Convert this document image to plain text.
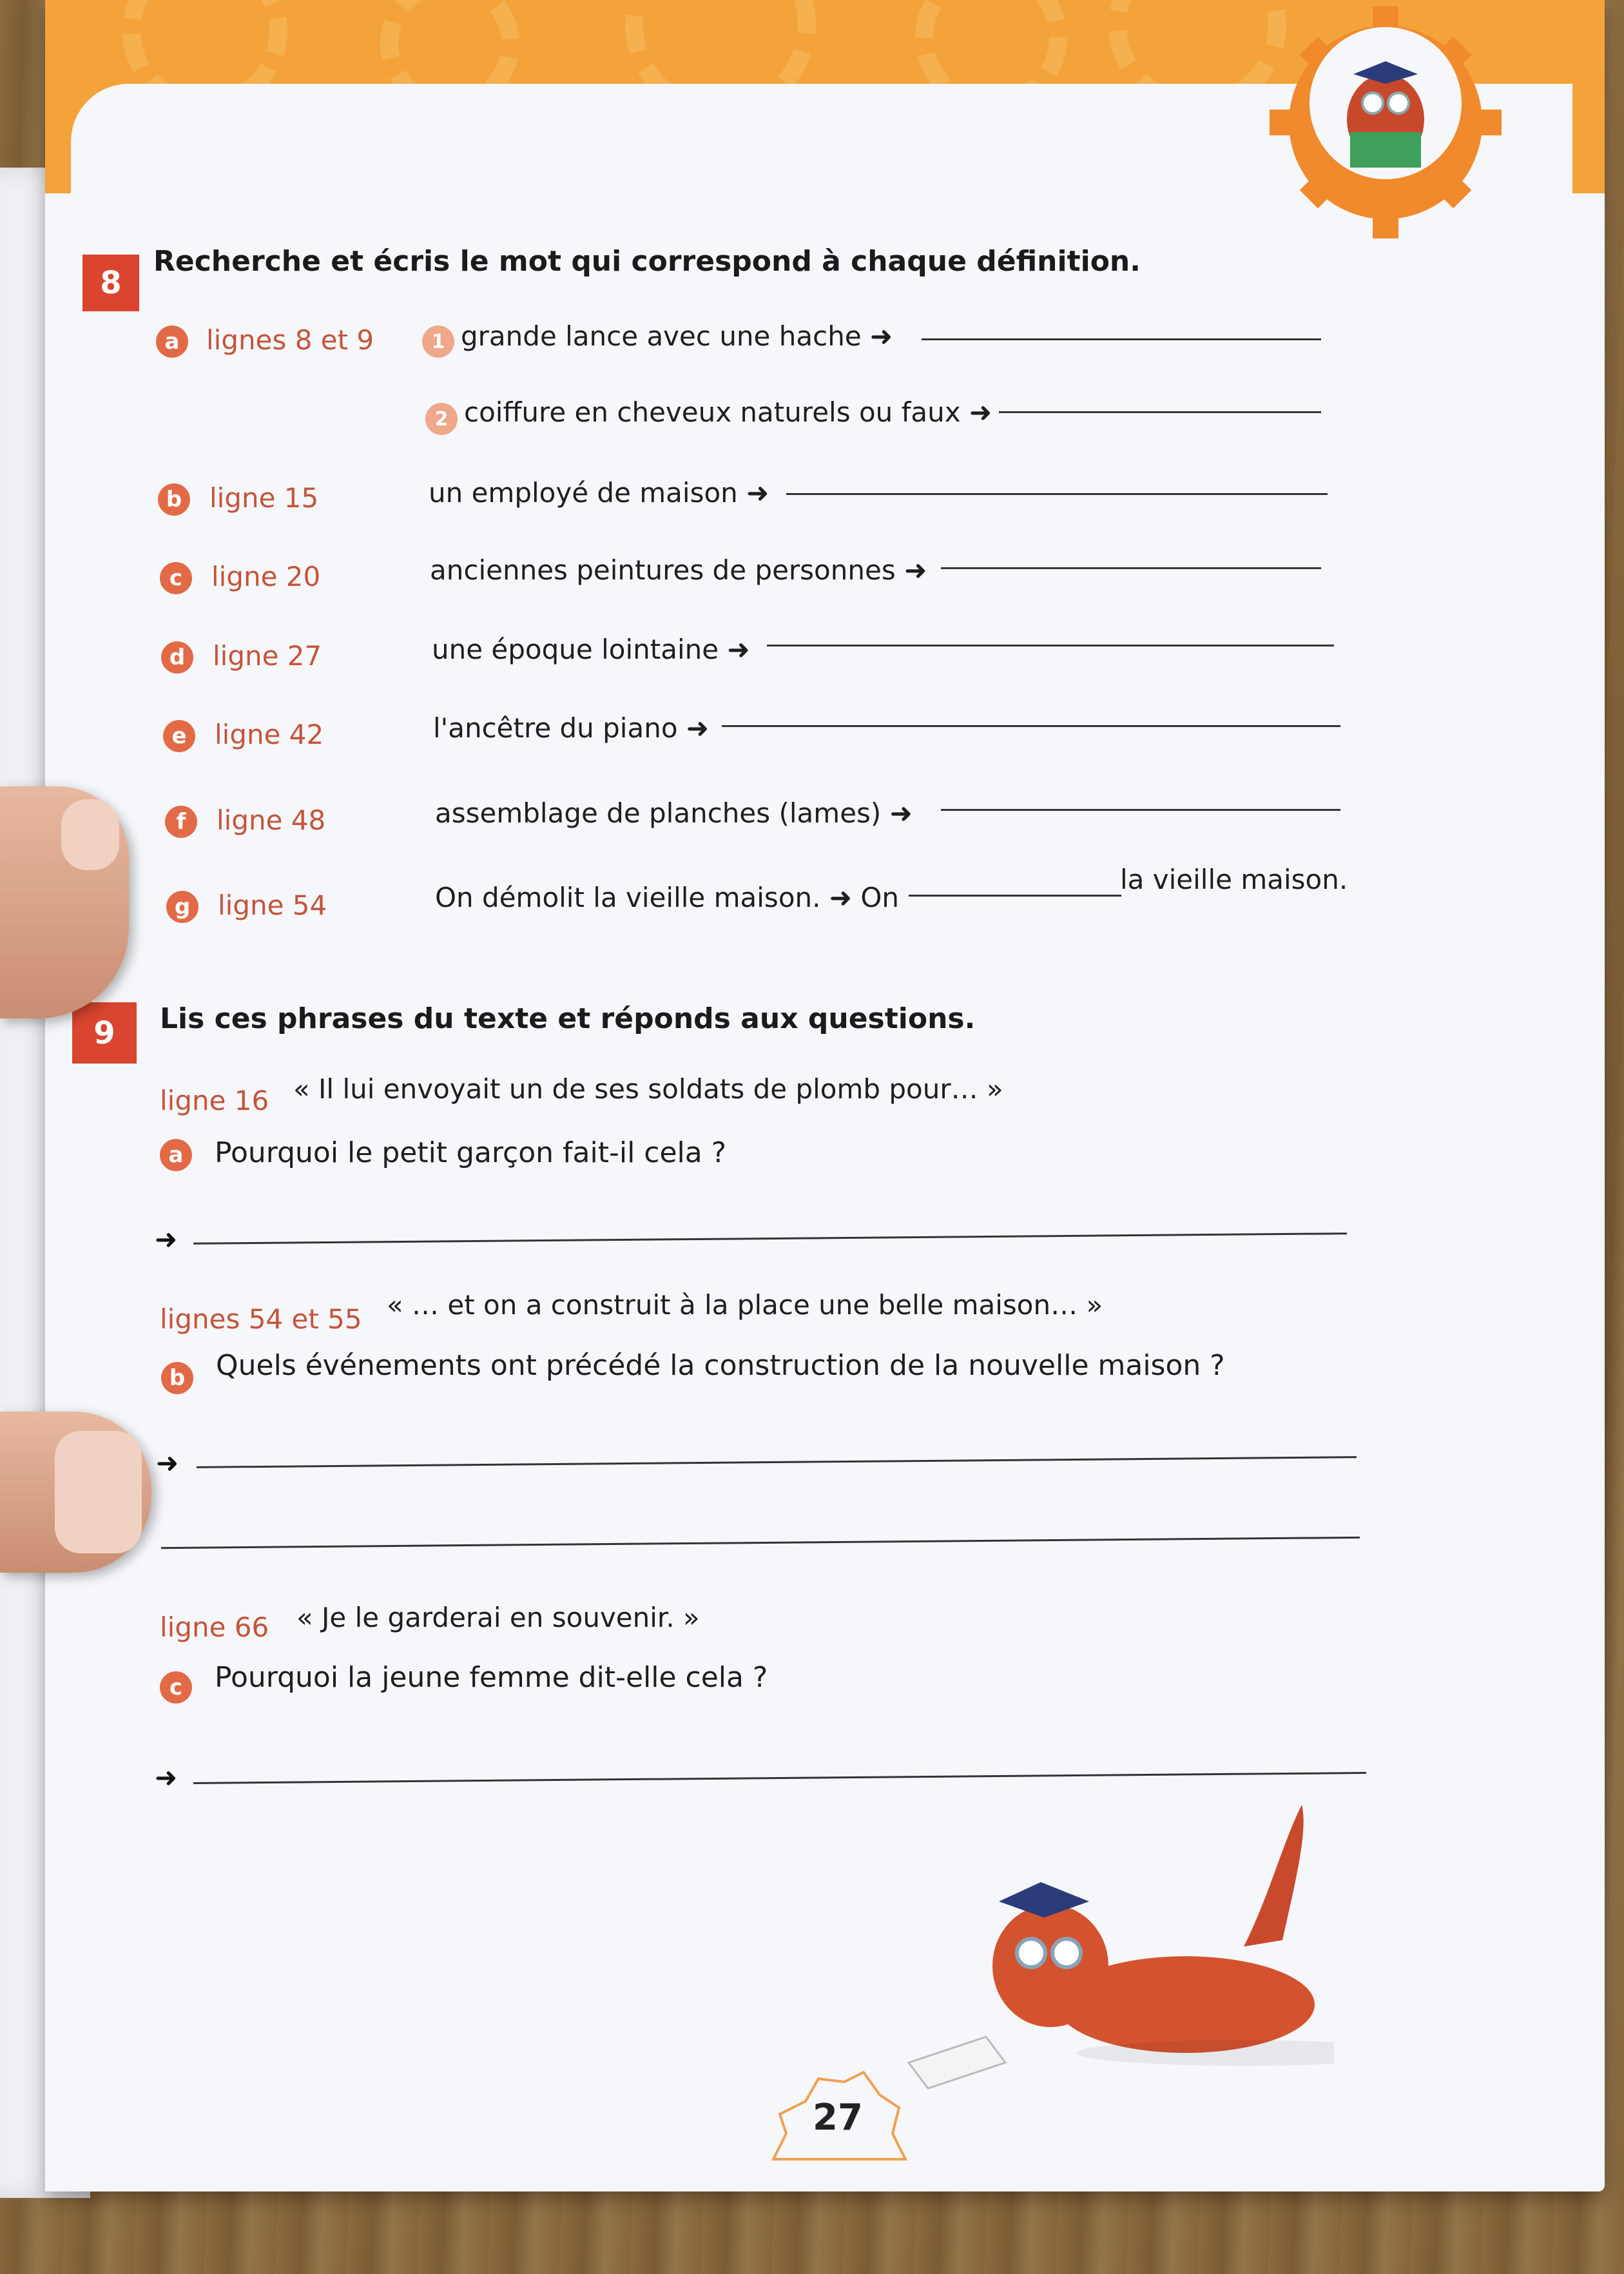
8
Recherche et écris le mot qui correspond à chaque définition.
a lignes 8 et 9	1 grande lance avec une hache ➜
2 coiffure en cheveux naturels ou faux ➜
b	ligne 15	un employé de maison ➜
c	ligne 20	anciennes peintures de personnes ➜
d	ligne 27	une époque lointaine ➜
e	ligne 42	l'ancêtre du piano ➜
f	ligne 48	assemblage de planches (lames) ➜
g	ligne 54	On démolit la vieille maison. ➜ On
la vieille maison.
9	Lis ces phrases du texte et réponds aux questions.
ligne 16 « Il lui envoyait un de ses soldats de plomb pour… »
a	Pourquoi le petit garçon fait-il cela ?
➜
lignes 54 et 55 « … et on a construit à la place une belle maison… »
b Quels événements ont précédé la construction de la nouvelle maison ?
➜
ligne 66 « Je le garderai en souvenir. »
c	Pourquoi la jeune femme dit-elle cela ?
➜
27
